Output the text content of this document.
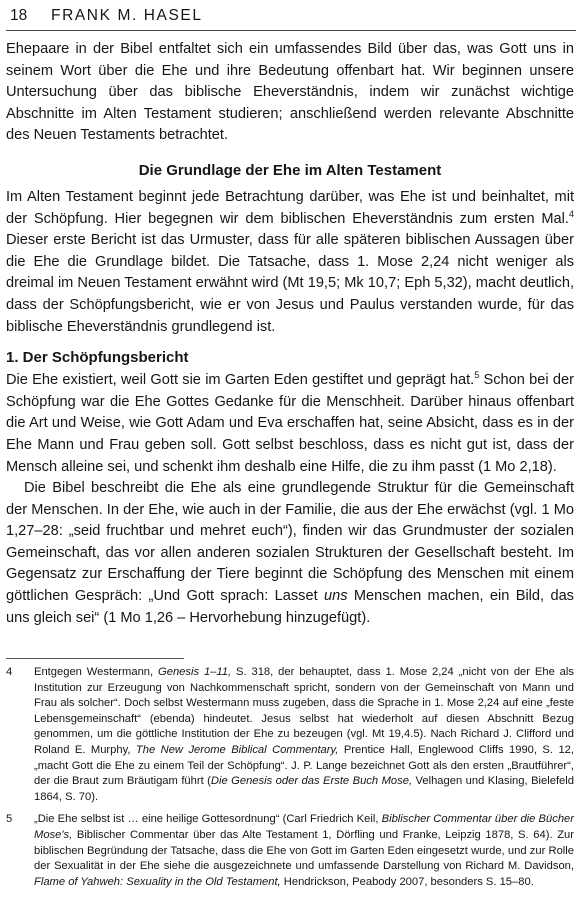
18 FRANK M. HASEL

Ehepaare in der Bibel entfaltet sich ein umfassendes Bild über das, was Gott uns in seinem Wort über die Ehe und ihre Bedeutung offenbart hat. Wir beginnen unsere Untersuchung über das biblische Eheverständnis, indem wir zunächst wichtige Abschnitte im Alten Testament studieren; anschließend werden relevante Abschnitte des Neuen Testaments betrachtet.

Die Grundlage der Ehe im Alten Testament

Im Alten Testament beginnt jede Betrachtung darüber, was Ehe ist und beinhaltet, mit der Schöpfung. Hier begegnen wir dem biblischen Eheverständnis zum ersten Mal.$^4$ Dieser erste Bericht ist das Urmuster, dass für alle späteren biblischen Aussagen über die Ehe die Grundlage bildet. Die Tatsache, dass 1. Mose 2,24 nicht weniger als dreimal im Neuen Testament erwähnt wird (Mt 19,5; Mk 10,7; Eph 5,32), macht deutlich, dass der Schöpfungsbericht, wie er von Jesus und Paulus verstanden wurde, für das biblische Eheverständnis grundlegend ist.

1. Der Schöpfungsbericht

Die Ehe existiert, weil Gott sie im Garten Eden gestiftet und geprägt hat.$^5$ Schon bei der Schöpfung war die Ehe Gottes Gedanke für die Menschheit. Darüber hinaus offenbart die Art und Weise, wie Gott Adam und Eva erschaffen hat, seine Absicht, dass es in der Ehe Mann und Frau geben soll. Gott selbst beschloss, dass es nicht gut ist, dass der Mensch alleine sei, und schenkt ihm deshalb eine Hilfe, die zu ihm passt (1 Mo 2,18).

Die Bibel beschreibt die Ehe als eine grundlegende Struktur für die Gemeinschaft der Menschen. In der Ehe, wie auch in der Familie, die aus der Ehe erwächst (vgl. 1 Mo 1,27–28: „seid fruchtbar und mehret euch“), finden wir das Grundmuster der sozialen Gemeinschaft, das vor allen anderen sozialen Strukturen der Gesellschaft besteht. Im Gegensatz zur Erschaffung der Tiere beginnt die Schöpfung des Menschen mit einem göttlichen Gespräch: „Und Gott sprach: Lasset uns Menschen machen, ein Bild, das uns gleich sei“ (1 Mo 1,26 – Hervorhebung hinzugefügt).

4 Entgegen Westermann, Genesis 1–11, S. 318, der behauptet, dass 1. Mose 2,24 „nicht von der Ehe als Institution zur Erzeugung von Nachkommenschaft spricht, sondern von der Gemeinschaft von Mann und Frau als solcher“. Doch selbst Westermann muss zugeben, dass die Sprache in 1. Mose 2,24 auf eine „feste Lebensgemeinschaft“ (ebenda) hindeutet. Jesus selbst hat wiederholt auf diesen Abschnitt Bezug genommen, um die göttliche Institution der Ehe zu bezeugen (vgl. Mt 19,4.5). Nach Richard J. Clifford und Roland E. Murphy, The New Jerome Biblical Commentary, Prentice Hall, Englewood Cliffs 1990, S. 12, „macht Gott die Ehe zu einem Teil der Schöpfung“. J. P. Lange bezeichnet Gott als den ersten „Brautführer“, der die Braut zum Bräutigam führt (Die Genesis oder das Erste Buch Mose, Velhagen und Klasing, Bielefeld 1864, S. 70).
5 „Die Ehe selbst ist … eine heilige Gottesordnung“ (Carl Friedrich Keil, Biblischer Commentar über die Bücher Mose's, Biblischer Commentar über das Alte Testament 1, Dörfling und Franke, Leipzig 1878, S. 64). Zur biblischen Begründung der Tatsache, dass die Ehe von Gott im Garten Eden eingesetzt wurde, und zur Rolle der Sexualität in der Ehe siehe die ausgezeichnete und umfassende Darstellung von Richard M. Davidson, Flame of Yahweh: Sexuality in the Old Testament, Hendrickson, Peabody 2007, besonders S. 15–80.
